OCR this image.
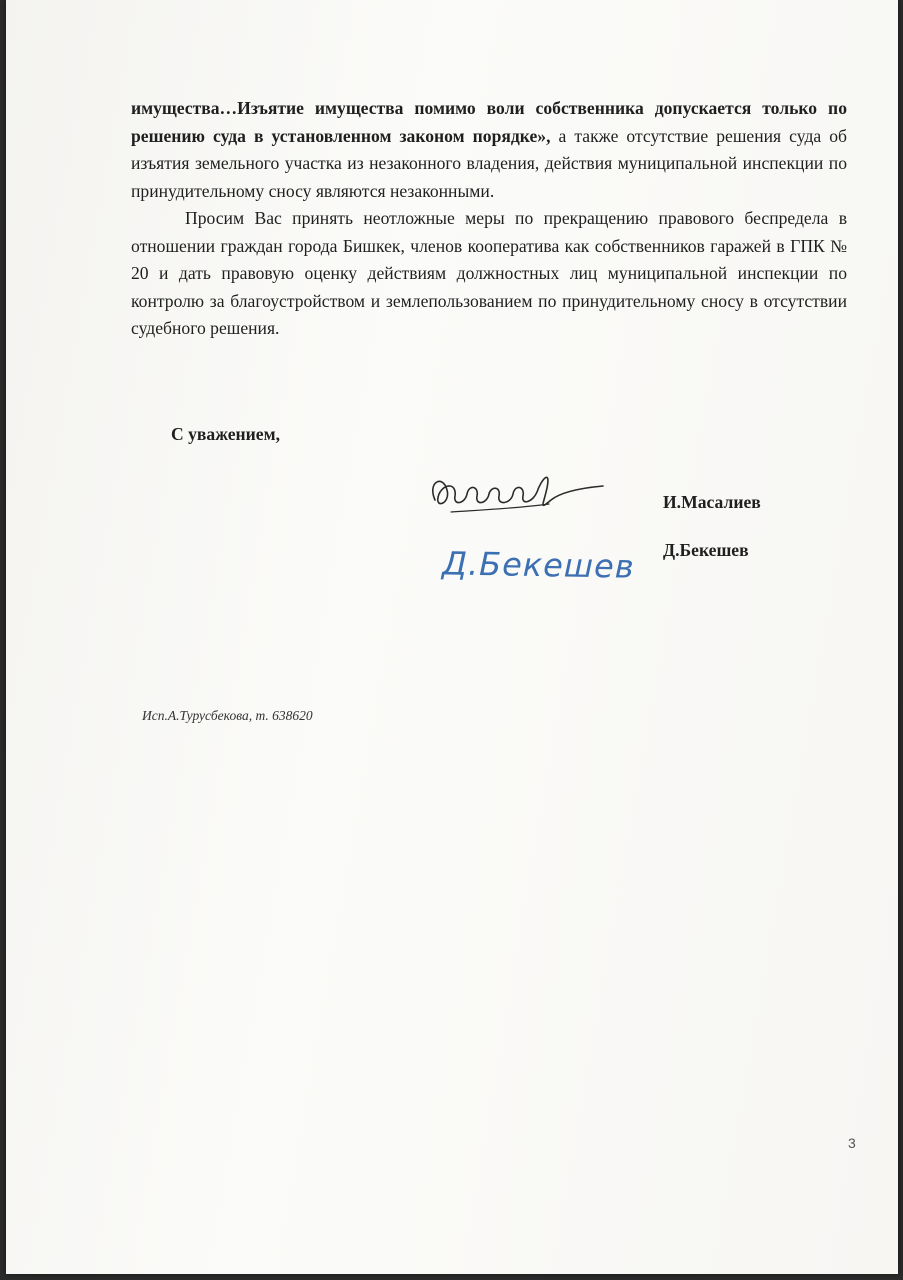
имущества…Изъятие имущества помимо воли собственника допускается только по решению суда в установленном законом порядке», а также отсутствие решения суда об изъятия земельного участка из незаконного владения, действия муниципальной инспекции по принудительному сносу являются незаконными.

Просим Вас принять неотложные меры по прекращению правового беспредела в отношении граждан города Бишкек, членов кооператива как собственников гаражей в ГПК № 20 и дать правовую оценку действиям должностных лиц муниципальной инспекции по контролю за благоустройством и землепользованием по принудительному сносу в отсутствии судебного решения.

С уважением,
И.Масалиев
Д.Бекешев Д.Бекешев
Исп.А.Турусбекова, т. 638620
3
